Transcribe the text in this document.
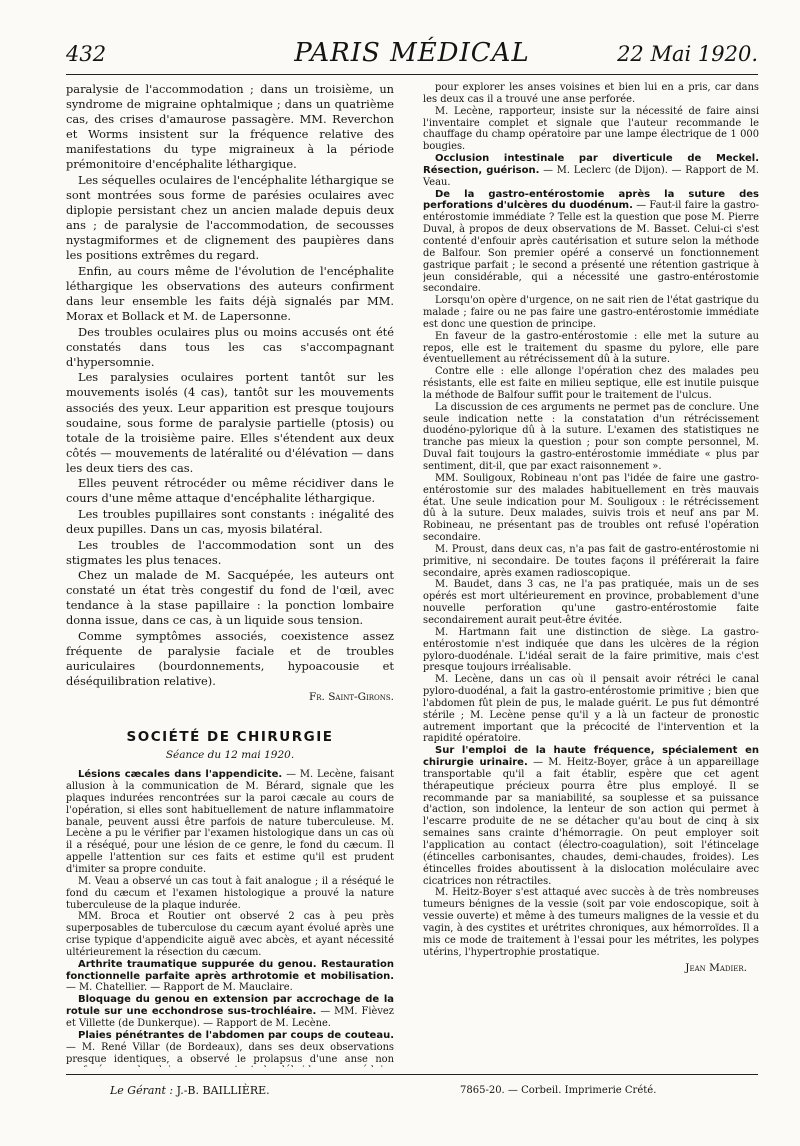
432	PARIS MÉDICAL	22 Mai 1920.

paralysie de l'accommodation ; dans un troisième, un syndrome de migraine ophtalmique ; dans un quatrième cas, des crises d'amaurose passagère. MM. Reverchon et Worms insistent sur la fréquence relative des manifestations du type migraineux à la période prémonitoire d'encéphalite léthargique.

Les séquelles oculaires de l'encéphalite léthargique se sont montrées sous forme de parésies oculaires avec diplopie persistant chez un ancien malade depuis deux ans ; de paralysie de l'accommodation, de secousses nystagmiformes et de clignement des paupières dans les positions extrêmes du regard.

Enfin, au cours même de l'évolution de l'encéphalite léthargique les observations des auteurs confirment dans leur ensemble les faits déjà signalés par MM. Morax et Bollack et M. de Lapersonne.

Des troubles oculaires plus ou moins accusés ont été constatés dans tous les cas s'accompagnant d'hypersomnie.

Les paralysies oculaires portent tantôt sur les mouvements isolés (4 cas), tantôt sur les mouvements associés des yeux. Leur apparition est presque toujours soudaine, sous forme de paralysie partielle (ptosis) ou totale de la troisième paire. Elles s'étendent aux deux côtés — mouvements de latéralité ou d'élévation — dans les deux tiers des cas.

Elles peuvent rétrocéder ou même récidiver dans le cours d'une même attaque d'encéphalite léthargique.

Les troubles pupillaires sont constants : inégalité des deux pupilles. Dans un cas, myosis bilatéral.

Les troubles de l'accommodation sont un des stigmates les plus tenaces.

Chez un malade de M. Sacquépée, les auteurs ont constaté un état très congestif du fond de l'œil, avec tendance à la stase papillaire : la ponction lombaire donna issue, dans ce cas, à un liquide sous tension.

Comme symptômes associés, coexistence assez fréquente de paralysie faciale et de troubles auriculaires (bourdonnements, hypoacousie et déséquilibration relative).

Fr. Saint-Girons.

SOCIÉTÉ DE CHIRURGIE

Séance du 12 mai 1920.

Lésions cæcales dans l'appendicite. — M. Lecène, faisant allusion à la communication de M. Bérard, signale que les plaques indurées rencontrées sur la paroi cæcale au cours de l'opération, si elles sont habituellement de nature inflammatoire banale, peuvent aussi être parfois de nature tuberculeuse. M. Lecène a pu le vérifier par l'examen histologique dans un cas où il a réséqué, pour une lésion de ce genre, le fond du cæcum. Il appelle l'attention sur ces faits et estime qu'il est prudent d'imiter sa propre conduite.

M. Veau a observé un cas tout à fait analogue ; il a réséqué le fond du cæcum et l'examen histologique a prouvé la nature tuberculeuse de la plaque indurée.

MM. Broca et Routier ont observé 2 cas à peu près superposables de tuberculose du cæcum ayant évolué après une crise typique d'appendicite aiguë avec abcès, et ayant nécessité ultérieurement la résection du cæcum.

Arthrite traumatique suppurée du genou. Restauration fonctionnelle parfaite après arthrotomie et mobilisation. — M. Chatellier. — Rapport de M. Mauclaire.

Bloquage du genou en extension par accrochage de la rotule sur une ecchondrose sus-trochléaire. — MM. Fièvez et Villette (de Dunkerque). — Rapport de M. Lecène.

Plaies pénétrantes de l'abdomen par coups de couteau. — M. René Villar (de Bordeaux), dans ses deux observations presque identiques, a observé le prolapsus d'une anse non

pour explorer les anses voisines et bien lui en a pris, car dans les deux cas il a trouvé une anse perforée.

M. Lecène, rapporteur, insiste sur la nécessité de faire ainsi l'inventaire complet et signale que l'auteur recommande le chauffage du champ opératoire par une lampe électrique de 1 000 bougies.

Occlusion intestinale par diverticule de Meckel. Résection, guérison. — M. Leclerc (de Dijon). — Rapport de M. Veau.

De la gastro-entérostomie après la suture des perforations d'ulcères du duodénum. — Faut-il faire la gastro-entérostomie immédiate ? Telle est la question que pose M. Pierre Duval, à propos de deux observations de M. Basset. Celui-ci s'est contenté d'enfouir après cautérisation et suture selon la méthode de Balfour. Son premier opéré a conservé un fonctionnement gastrique parfait ; le second a présenté une rétention gastrique à jeun considérable, qui a nécessité une gastro-entérostomie secondaire.

Lorsqu'on opère d'urgence, on ne sait rien de l'état gastrique du malade ; faire ou ne pas faire une gastro-entérostomie immédiate est donc une question de principe.

En faveur de la gastro-entérostomie : elle met la suture au repos, elle est le traitement du spasme du pylore, elle pare éventuellement au rétrécissement dû à la suture.

Contre elle : elle allonge l'opération chez des malades peu résistants, elle est faite en milieu septique, elle est inutile puisque la méthode de Balfour suffit pour le traitement de l'ulcus.

La discussion de ces arguments ne permet pas de conclure. Une seule indication nette : la constatation d'un rétrécissement duodéno-pylorique dû à la suture. L'examen des statistiques ne tranche pas mieux la question ; pour son compte personnel, M. Duval fait toujours la gastro-entérostomie immédiate « plus par sentiment, dit-il, que par exact raisonnement ».

MM. Souligoux, Robineau n'ont pas l'idée de faire une gastro-entérostomie sur des malades habituellement en très mauvais état. Une seule indication pour M. Souligoux : le rétrécissement dû à la suture. Deux malades, suivis trois et neuf ans par M. Robineau, ne présentant pas de troubles ont refusé l'opération secondaire.

M. Proust, dans deux cas, n'a pas fait de gastro-entérostomie ni primitive, ni secondaire. De toutes façons il préférerait la faire secondaire, après examen radioscopique.

M. Baudet, dans 3 cas, ne l'a pas pratiquée, mais un de ses opérés est mort ultérieurement en province, probablement d'une nouvelle perforation qu'une gastro-entérostomie faite secondairement aurait peut-être évitée.

M. Hartmann fait une distinction de siège. La gastro-entérostomie n'est indiquée que dans les ulcères de la région pyloro-duodénale. L'idéal serait de la faire primitive, mais c'est presque toujours irréalisable.

M. Lecène, dans un cas où il pensait avoir rétréci le canal pyloro-duodénal, a fait la gastro-entérostomie primitive ; bien que l'abdomen fût plein de pus, le malade guérit. Le pus fut démontré stérile ; M. Lecène pense qu'il y a là un facteur de pronostic autrement important que la précocité de l'intervention et la rapidité opératoire.

Sur l'emploi de la haute fréquence, spécialement en chirurgie urinaire. — M. Heitz-Boyer, grâce à un appareillage transportable qu'il a fait établir, espère que cet agent thérapeutique précieux pourra être plus employé. Il se recommande par sa maniabilité, sa souplesse et sa puissance d'action, son indolence, la lenteur de son action qui permet à l'escarre produite de ne se détacher qu'au bout de cinq à six semaines sans crainte d'hémorragie. On peut employer soit l'application au contact (électro-coagulation), soit l'étincelage (étincelles carbonisantes, chaudes, demi-chaudes, froides). Les étincelles froides aboutissent à la dislocation moléculaire avec cicatrices non rétractiles.

M. Heitz-Boyer s'est attaqué avec succès à de très nombreuses tumeurs bénignes de la vessie (soit par voie endoscopique, soit à vessie ouverte) et même à des tumeurs malignes de la vessie et du vagin, à des cystites et urétrites chroniques, aux hémorroïdes. Il a mis ce mode de traitement à l'essai pour les métrites, les polypes utérins, l'hypertrophie prostatique.

Jean Madier.

Le Gérant : J.-B. BAILLIÈRE.	7865-20. — Corbeil. Imprimerie Crété.
